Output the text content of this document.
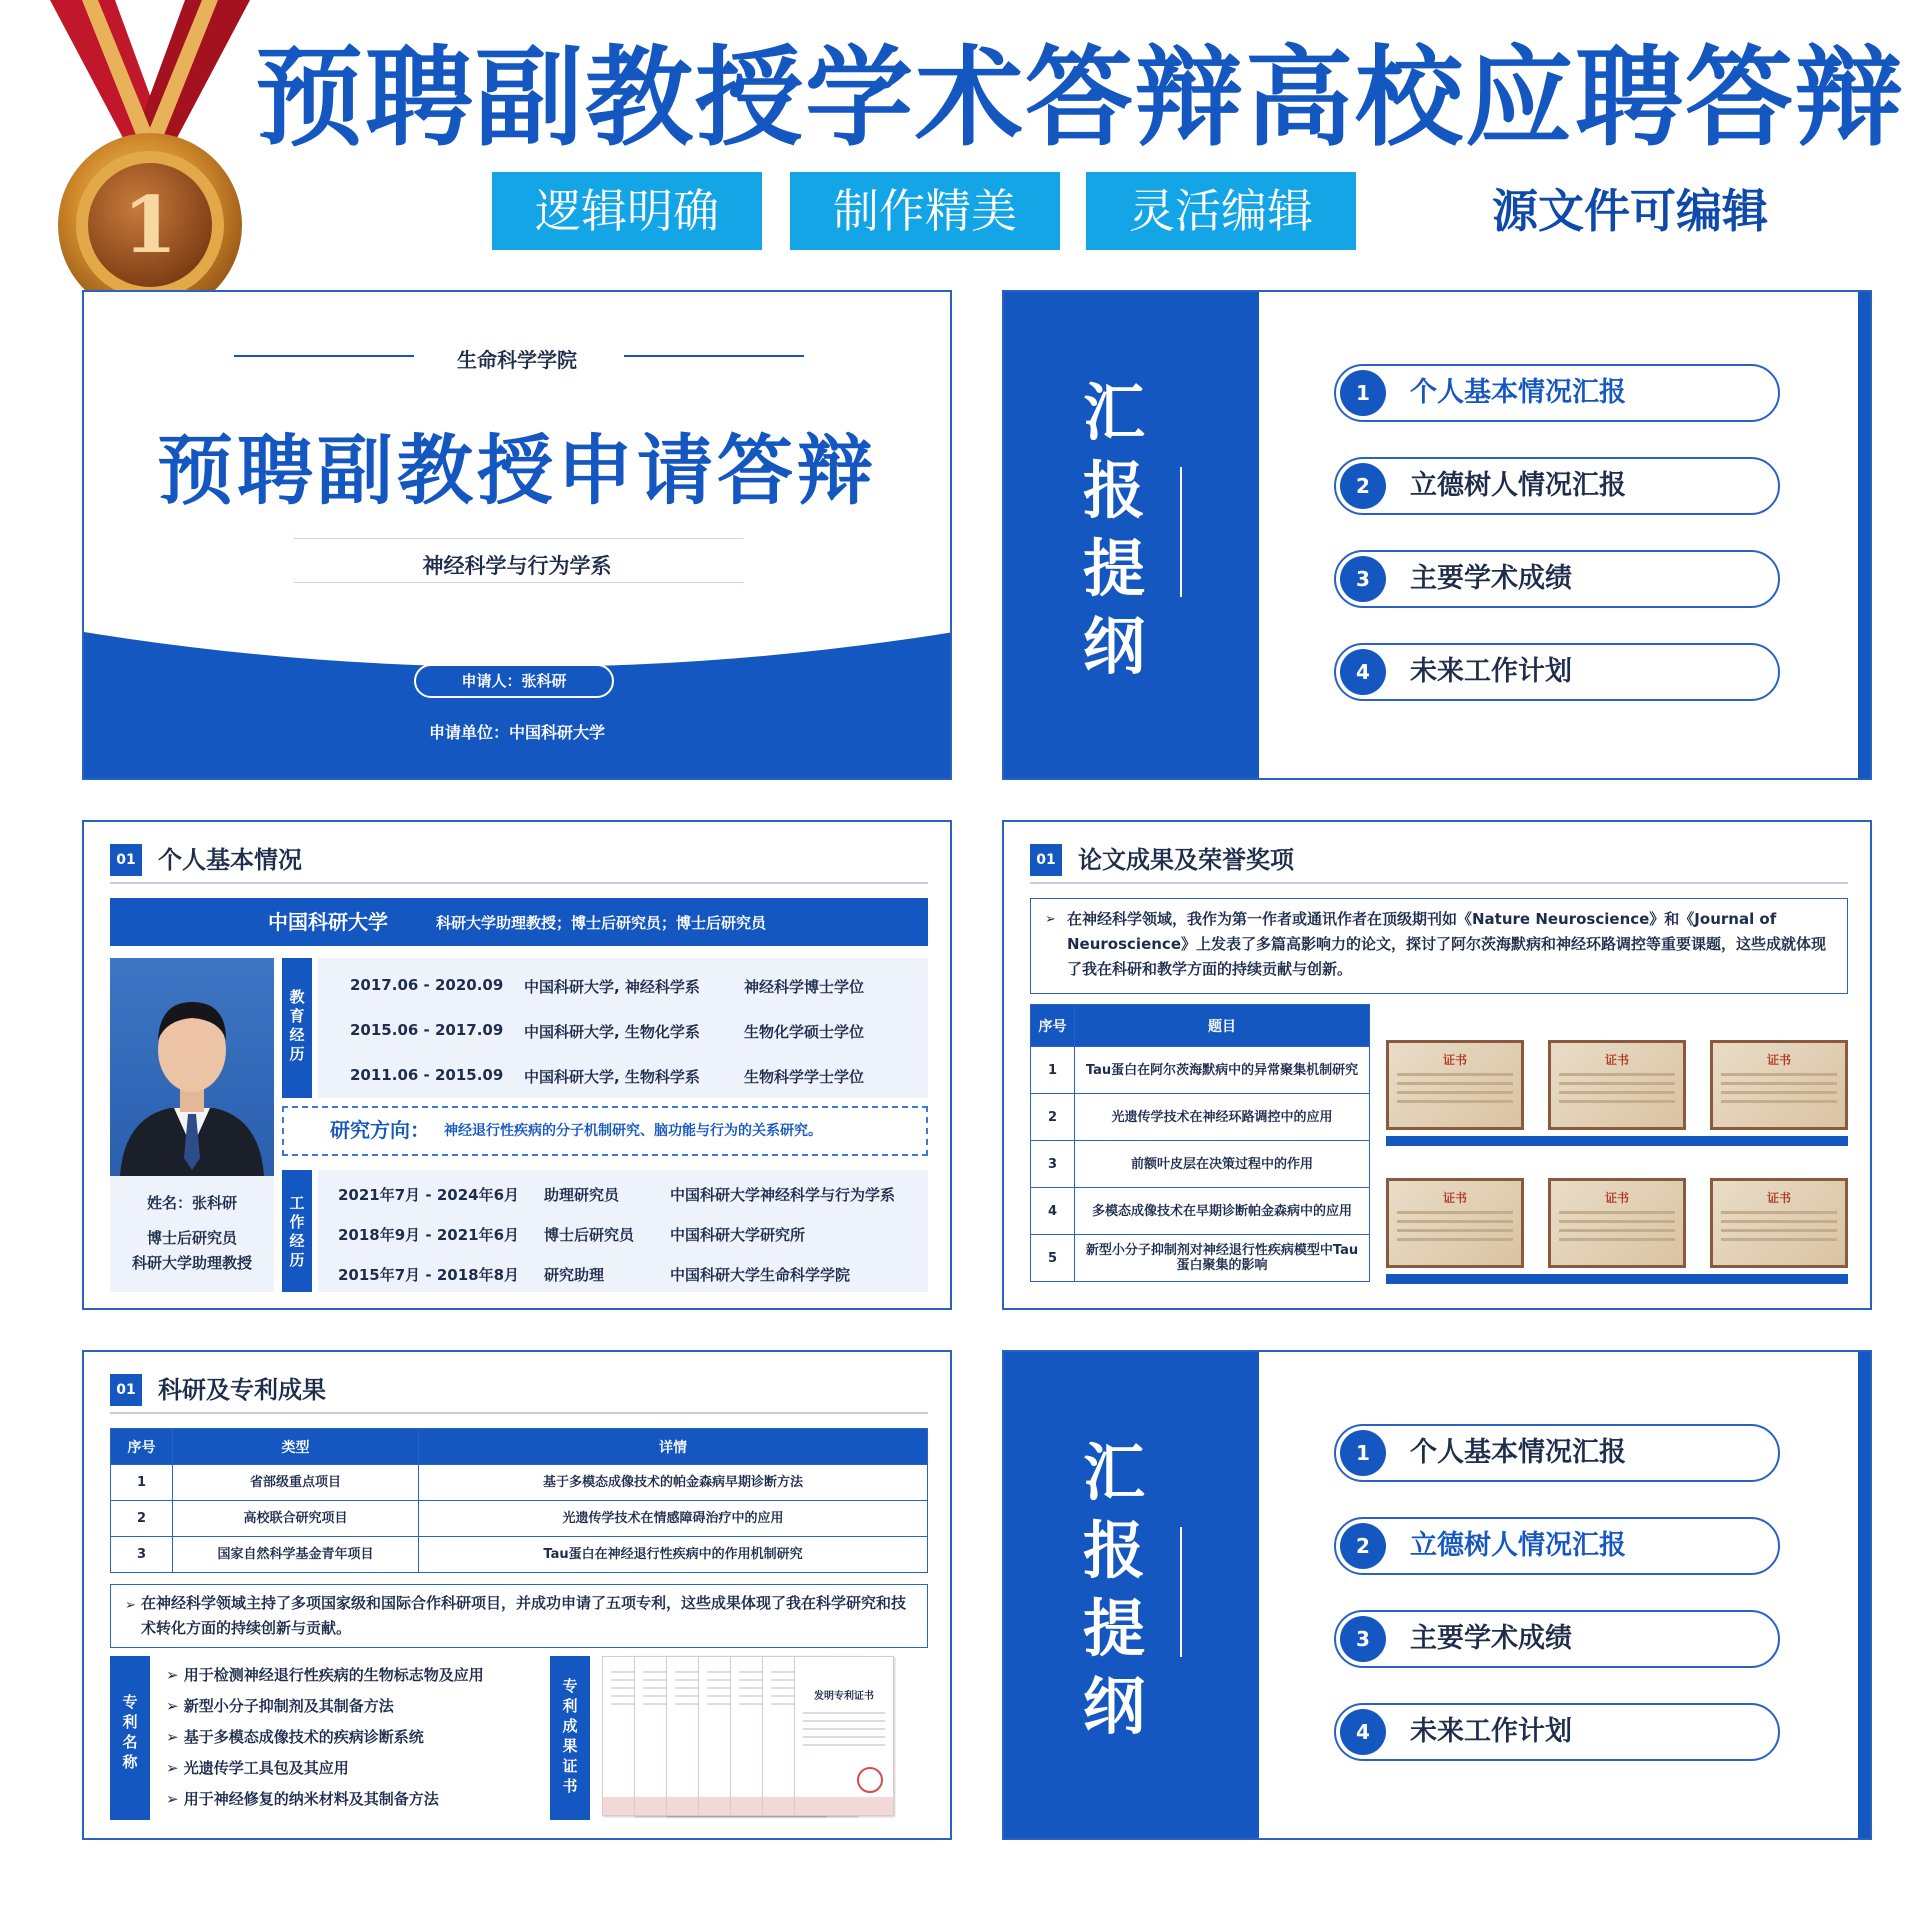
1
预聘副教授学术答辩高校应聘答辩
逻辑明确	制作精美	灵活编辑	源文件可编辑
生命科学学院
预聘副教授申请答辩
神经科学与行为学系
申请人：张科研
申请单位：中国科研大学
汇
报
提
纲
1	个人基本情况汇报
2	立德树人情况汇报
3	主要学术成绩
4	未来工作计划
01 个人基本情况
中国科研大学	科研大学助理教授；博士后研究员；博士后研究员
姓名：张科研
博士后研究员
科研大学助理教授
教
育
经
历
2017.06 - 2020.09 中国科研大学, 神经科学系	神经科学博士学位
2015.06 - 2017.09 中国科研大学, 生物化学系	生物化学硕士学位
2011.06 - 2015.09 中国科研大学, 生物科学系	生物科学学士学位
研究方向： 神经退行性疾病的分子机制研究、脑功能与行为的关系研究。
工
作
经
历
2021年7月 - 2024年6月 助理研究员	中国科研大学神经科学与行为学系
2018年9月 - 2021年6月 博士后研究员 中国科研大学研究所
2015年7月 - 2018年8月 研究助理	中国科研大学生命科学学院
01 论文成果及荣誉奖项
➢ 在神经科学领域，我作为第一作者或通讯作者在顶级期刊如《Nature Neuroscience》和《Journal of Neuroscience》上发表了多篇高影响力的论文，探讨了阿尔茨海默病和神经环路调控等重要课题，这些成就体现了我在科研和教学方面的持续贡献与创新。
序号	题目
1	Tau蛋白在阿尔茨海默病中的异常聚集机制研究
2	光遗传学技术在神经环路调控中的应用
3	前额叶皮层在决策过程中的作用
4	多模态成像技术在早期诊断帕金森病中的应用
5	新型小分子抑制剂对神经退行性疾病模型中Tau蛋白聚集的影响
证书	证书	证书
证书	证书	证书
01 科研及专利成果
序号	类型	详情
1	省部级重点项目	基于多模态成像技术的帕金森病早期诊断方法
2	高校联合研究项目	光遗传学技术在情感障碍治疗中的应用
3	国家自然科学基金青年项目	Tau蛋白在神经退行性疾病中的作用机制研究
➢ 在神经科学领域主持了多项国家级和国际合作科研项目，并成功申请了五项专利，这些成果体现了我在科学研究和技术转化方面的持续创新与贡献。
专
利
名
称
➢ 用于检测神经退行性疾病的生物标志物及应用
➢ 新型小分子抑制剂及其制备方法
➢ 基于多模态成像技术的疾病诊断系统
➢ 光遗传学工具包及其应用
➢ 用于神经修复的纳米材料及其制备方法
专
利
成
果
证
书
发明专利证书
汇
报
提
纲
1	个人基本情况汇报
2	立德树人情况汇报
3	主要学术成绩
4	未来工作计划
